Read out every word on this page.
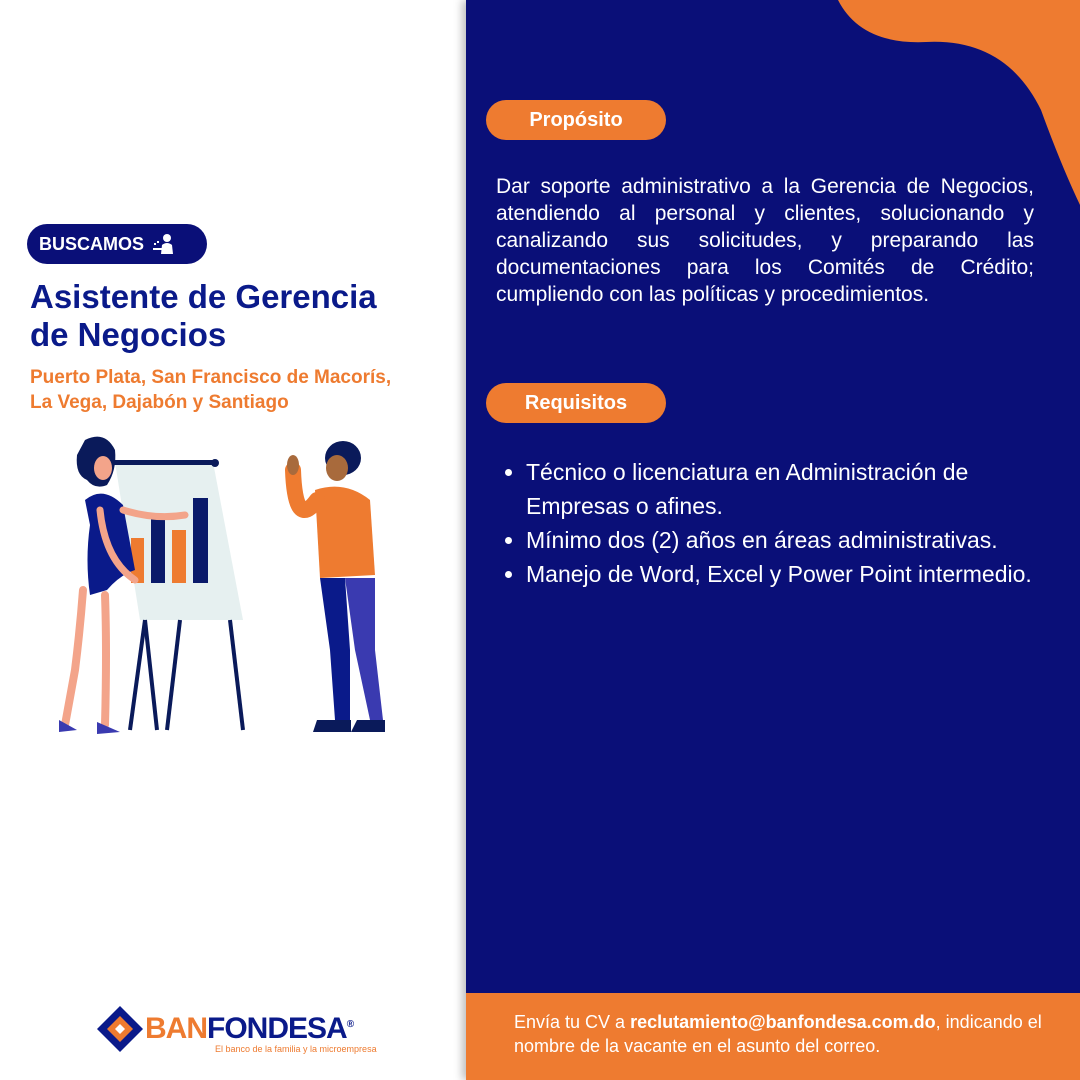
BUSCAMOS
Asistente de Gerencia
de Negocios
Puerto Plata, San Francisco de Macorís,
La Vega, Dajabón y Santiago
BANFONDESA®
El banco de la familia y la microempresa
Propósito
Dar soporte administrativo a la Gerencia de Negocios, atendiendo al personal y clientes, solucionando y canalizando sus solicitudes, y preparando las documentaciones para los Comités de Crédito; cumpliendo con las políticas y procedimientos.
Requisitos
• Técnico o licenciatura en Administración de Empresas o afines.
• Mínimo dos (2) años en áreas administrativas.
• Manejo de Word, Excel y Power Point intermedio.
Envía tu CV a reclutamiento@banfondesa.com.do, indicando el nombre de la vacante en el asunto del correo.
